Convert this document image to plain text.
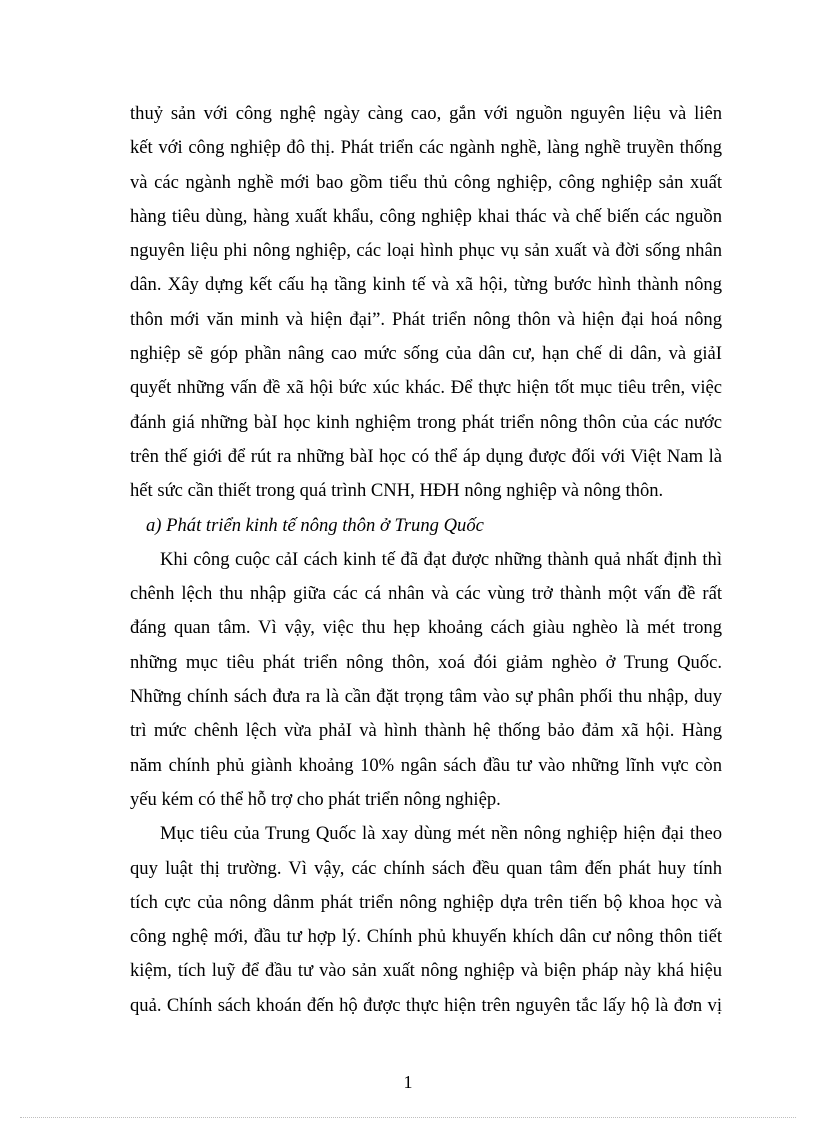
thuỷ sản với công nghệ ngày càng cao, gắn với nguồn nguyên liệu và liên
kết với công nghiệp đô thị. Phát triển các ngành nghề, làng nghề truyền thống
và các ngành nghề mới bao gồm tiểu thủ công nghiệp, công nghiệp sản xuất
hàng tiêu dùng, hàng xuất khẩu, công nghiệp khai thác và chế biến các nguồn
nguyên liệu phi nông nghiệp, các loại hình phục vụ sản xuất và đời sống nhân
dân. Xây dựng kết cấu hạ tầng kinh tế và xã hội, từng bước hình thành nông
thôn mới văn minh và hiện đại”. Phát triển nông thôn và hiện đại hoá nông
nghiệp sẽ góp phần nâng cao mức sống của dân cư, hạn chế di dân, và giảI
quyết những vấn đề xã hội bức xúc khác. Để thực hiện tốt mục tiêu trên, việc
đánh giá những bàI học kinh nghiệm trong phát triển nông thôn của các nước
trên thế giới để rút ra những bàI học có thể áp dụng được đối với Việt Nam là
hết sức cần thiết trong quá trình CNH, HĐH nông nghiệp và nông thôn.
a) Phát triển kinh tế nông thôn ở Trung Quốc
Khi công cuộc cảI cách kinh tế đã đạt được những thành quả nhất định thì
chênh lệch thu nhập giữa các cá nhân và các vùng trở thành một vấn đề rất
đáng quan tâm. Vì vậy, việc thu hẹp khoảng cách giàu nghèo là mét trong
những mục tiêu phát triển nông thôn, xoá đói giảm nghèo ở Trung Quốc.
Những chính sách đưa ra là cần đặt trọng tâm vào sự phân phối thu nhập, duy
trì mức chênh lệch vừa phảI và hình thành hệ thống bảo đảm xã hội. Hàng
năm chính phủ giành khoảng 10% ngân sách đầu tư vào những lĩnh vực còn
yếu kém có thể hỗ trợ cho phát triển nông nghiệp.
Mục tiêu của Trung Quốc là xay dùng mét nền nông nghiệp hiện đại theo
quy luật thị trường. Vì vậy, các chính sách đều quan tâm đến phát huy tính
tích cực của nông dânm phát triển nông nghiệp dựa trên tiến bộ khoa học và
công nghệ mới, đầu tư hợp lý. Chính phủ khuyến khích dân cư nông thôn tiết
kiệm, tích luỹ để đầu tư vào sản xuất nông nghiệp và biện pháp này khá hiệu
quả. Chính sách khoán đến hộ được thực hiện trên nguyên tắc lấy hộ là đơn vị
1
